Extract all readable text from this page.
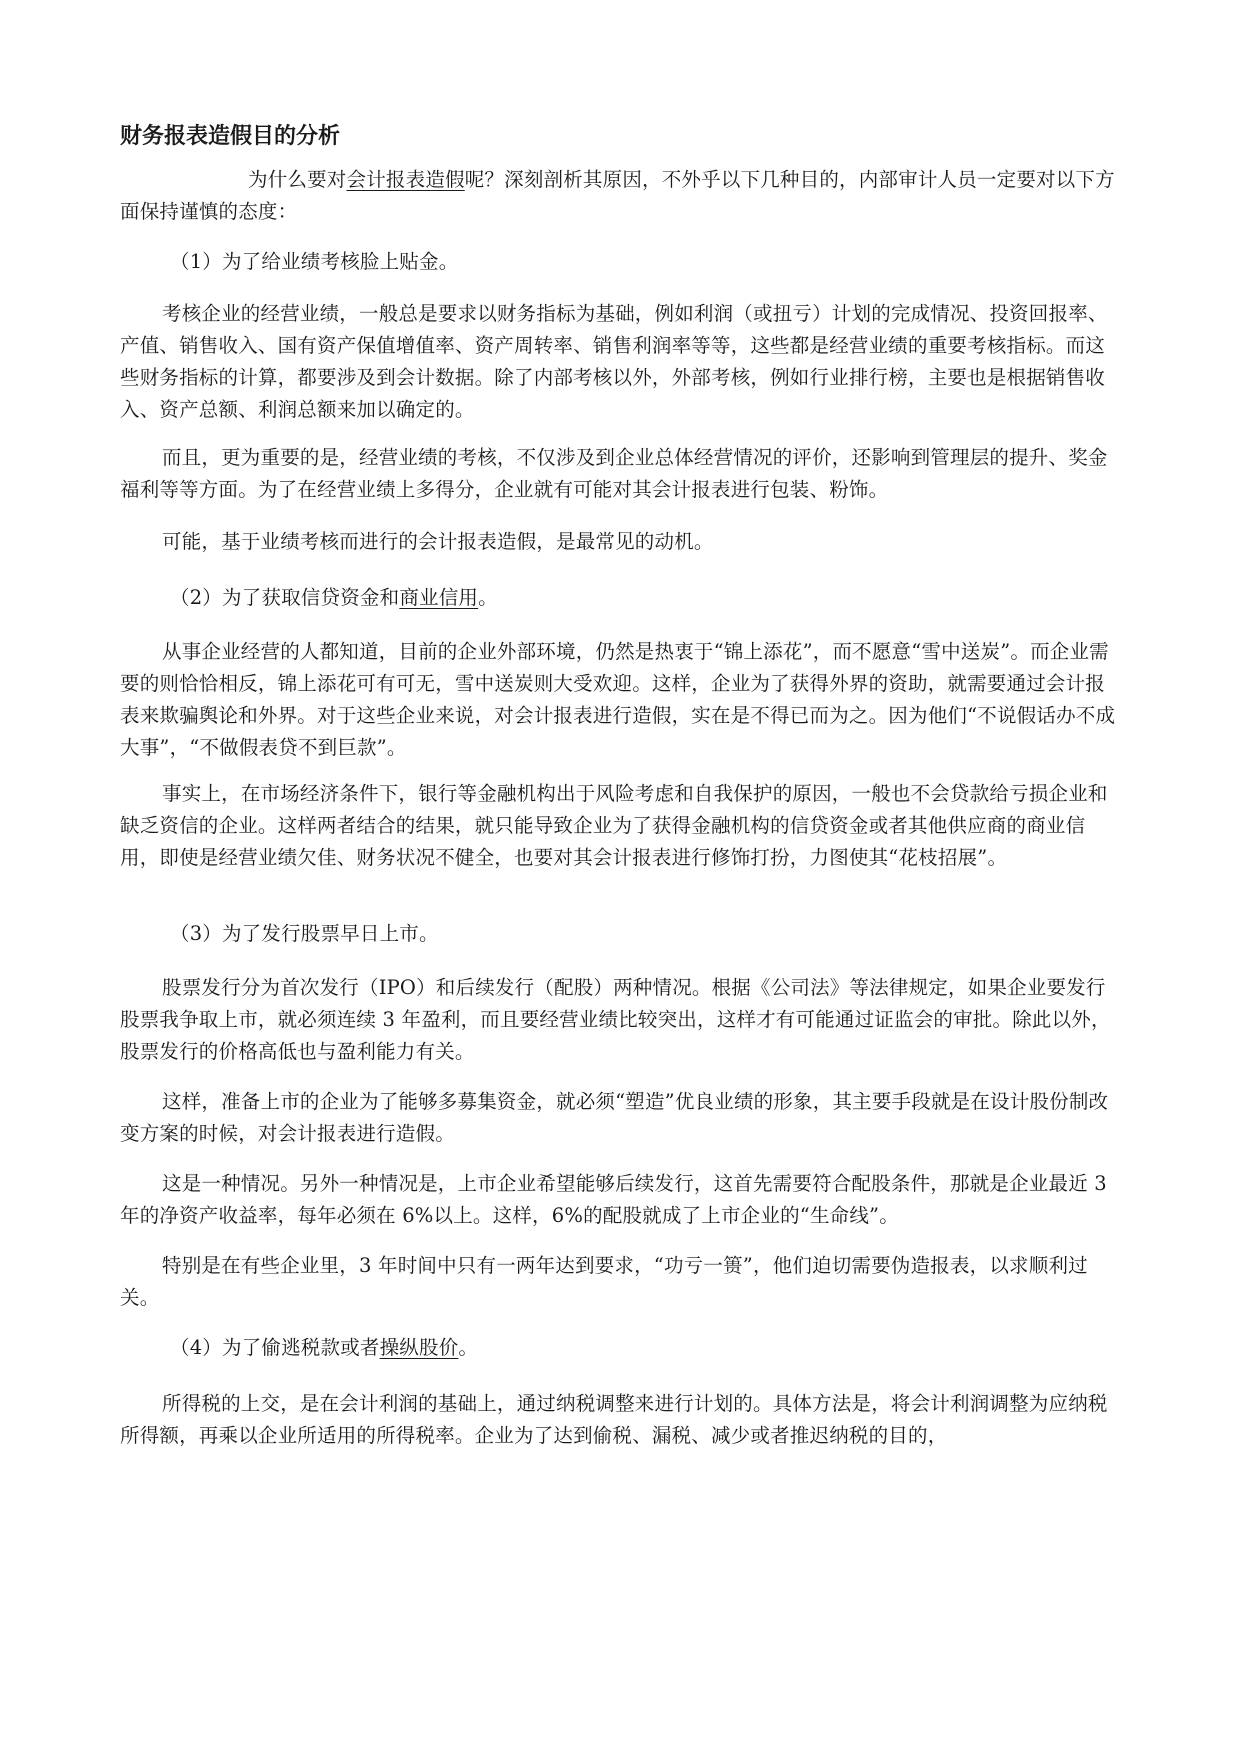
财务报表造假目的分析

为什么要对会计报表造假呢？深刻剖析其原因，不外乎以下几种目的，内部审计人员一定要对以下方面保持谨慎的态度：

（1）为了给业绩考核脸上贴金。

考核企业的经营业绩，一般总是要求以财务指标为基础，例如利润（或扭亏）计划的完成情况、投资回报率、产值、销售收入、国有资产保值增值率、资产周转率、销售利润率等等，这些都是经营业绩的重要考核指标。而这些财务指标的计算，都要涉及到会计数据。除了内部考核以外，外部考核，例如行业排行榜，主要也是根据销售收入、资产总额、利润总额来加以确定的。

而且，更为重要的是，经营业绩的考核，不仅涉及到企业总体经营情况的评价，还影响到管理层的提升、奖金福利等等方面。为了在经营业绩上多得分，企业就有可能对其会计报表进行包装、粉饰。

可能，基于业绩考核而进行的会计报表造假，是最常见的动机。

（2）为了获取信贷资金和商业信用。

从事企业经营的人都知道，目前的企业外部环境，仍然是热衷于“锦上添花”，而不愿意“雪中送炭”。而企业需要的则恰恰相反，锦上添花可有可无，雪中送炭则大受欢迎。这样，企业为了获得外界的资助，就需要通过会计报表来欺骗舆论和外界。对于这些企业来说，对会计报表进行造假，实在是不得已而为之。因为他们“不说假话办不成大事”，“不做假表贷不到巨款”。

事实上，在市场经济条件下，银行等金融机构出于风险考虑和自我保护的原因，一般也不会贷款给亏损企业和缺乏资信的企业。这样两者结合的结果，就只能导致企业为了获得金融机构的信贷资金或者其他供应商的商业信用，即使是经营业绩欠佳、财务状况不健全，也要对其会计报表进行修饰打扮，力图使其“花枝招展”。

（3）为了发行股票早日上市。

股票发行分为首次发行（IPO）和后续发行（配股）两种情况。根据《公司法》等法律规定，如果企业要发行股票我争取上市，就必须连续 3 年盈利，而且要经营业绩比较突出，这样才有可能通过证监会的审批。除此以外，股票发行的价格高低也与盈利能力有关。

这样，准备上市的企业为了能够多募集资金，就必须“塑造”优良业绩的形象，其主要手段就是在设计股份制改变方案的时候，对会计报表进行造假。

这是一种情况。另外一种情况是，上市企业希望能够后续发行，这首先需要符合配股条件，那就是企业最近 3 年的净资产收益率，每年必须在 6%以上。这样，6%的配股就成了上市企业的“生命线”。

特别是在有些企业里，3 年时间中只有一两年达到要求，“功亏一篑”，他们迫切需要伪造报表，以求顺利过关。

（4）为了偷逃税款或者操纵股价。

所得税的上交，是在会计利润的基础上，通过纳税调整来进行计划的。具体方法是，将会计利润调整为应纳税所得额，再乘以企业所适用的所得税率。企业为了达到偷税、漏税、减少或者推迟纳税的目的，
